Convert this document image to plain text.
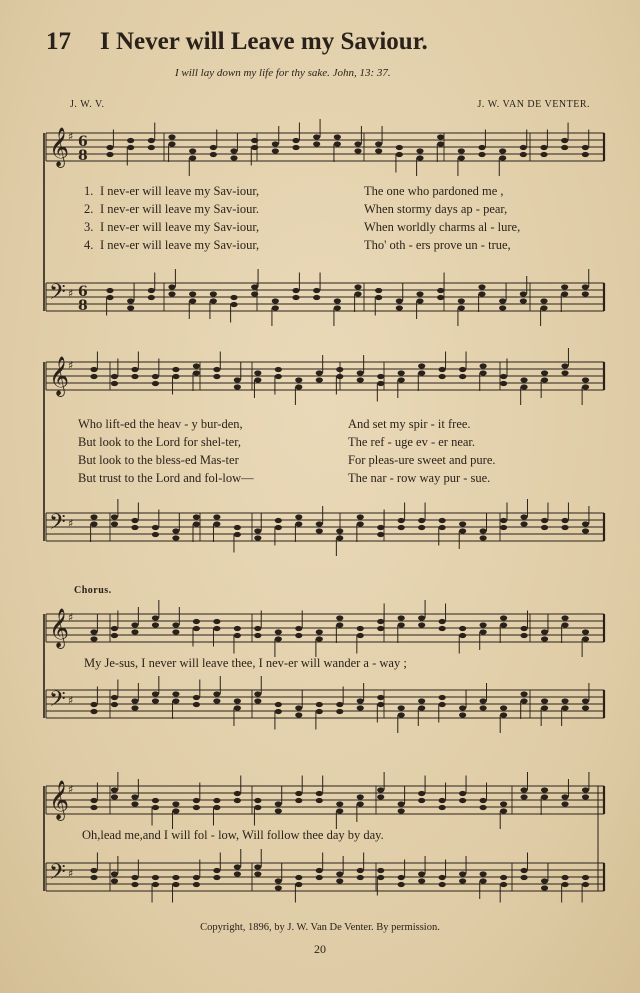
17 I Never will Leave my Saviour.
I will lay down my life for thy sake. John, 13: 37.
J. W. V.	J. W. VAN DE VENTER.
𝄞
♯ 6
8
𝄢 ♯ 6
8
𝄞
♯
𝄢 ♯
𝄞
♯
𝄢 ♯
𝄞
♯
𝄢 ♯
1. I nev-er will leave my Sav-iour,	The one who pardoned me ,
2. I nev-er will leave my Sav-iour.	When stormy days ap - pear,
3. I nev-er will leave my Sav-iour,	When worldly charms al - lure,
4. I nev-er will leave my Sav-iour,	Tho' oth - ers prove un - true,
Who lift-ed the heav - y bur-den,	And set my spir - it free.
But look to the Lord for shel-ter,	The ref - uge ev - er near.
But look to the bless-ed Mas-ter	For pleas-ure sweet and pure.
But trust to the Lord and fol-low—	The nar - row way pur - sue.
Chorus.
My Je-sus, I never will leave thee, I nev-er will wander a - way ;
Oh,lead me,and I will fol - low, Will follow thee day by day.
Copyright, 1896, by J. W. Van De Venter. By permission.
20
